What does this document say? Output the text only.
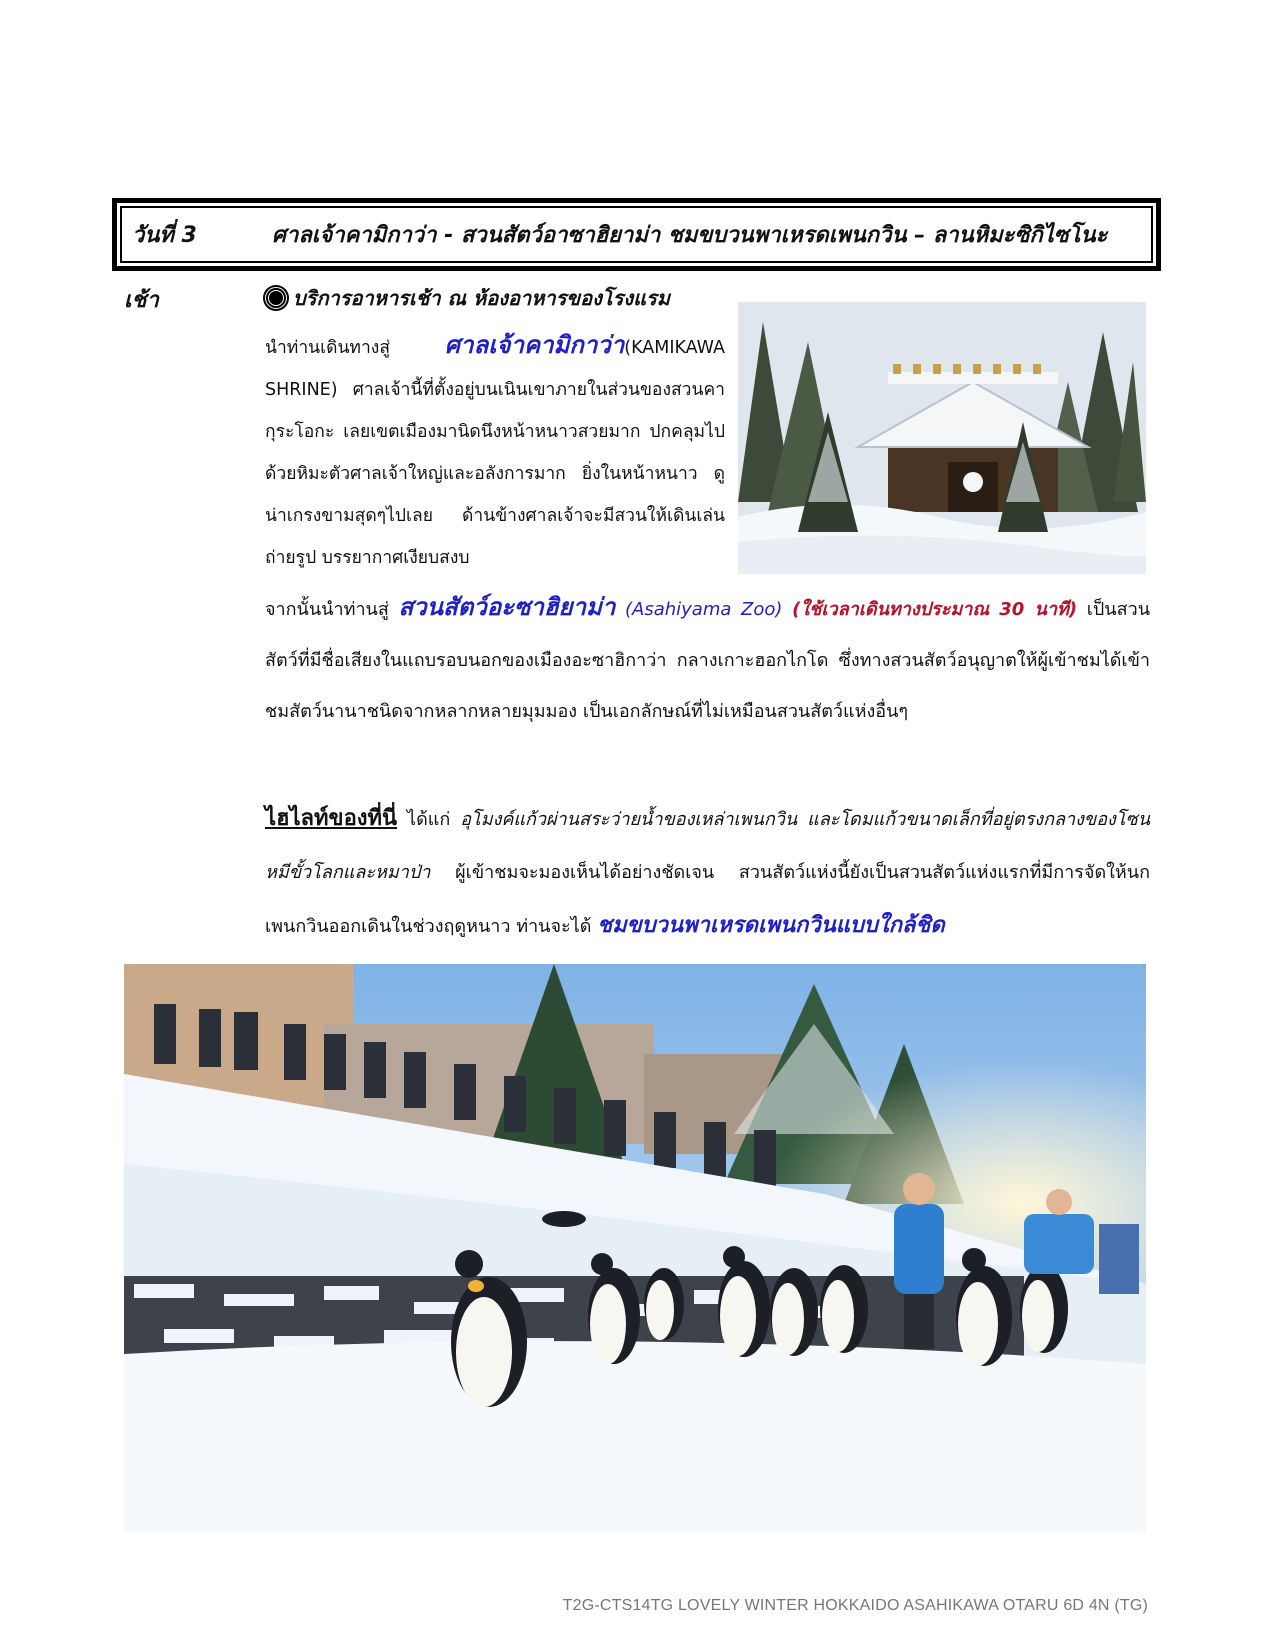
วันที่ 3	ศาลเจ้าคามิกาว่า - สวนสัตว์อาซาฮิยาม่า ชมขบวนพาเหรดเพนกวิน – ลานหิมะซิกิไซโนะ
เช้า	บริการอาหารเช้า ณ ห้องอาหารของโรงแรม
นำท่านเดินทางสู่ ศาลเจ้าคามิกาว่า(KAMIKAWA SHRINE) ศาลเจ้านี้ที่ตั้งอยู่บนเนินเขาภายในส่วนของสวนคากุระโอกะ เลยเขตเมืองมานิดนึงหน้าหนาวสวยมาก ปกคลุมไปด้วยหิมะตัวศาลเจ้าใหญ่และอลังการมาก ยิ่งในหน้าหนาว ดูน่าเกรงขามสุดๆไปเลย ด้านข้างศาลเจ้าจะมีสวนให้เดินเล่นถ่ายรูป บรรยากาศเงียบสงบ
จากนั้นนำท่านสู่ สวนสัตว์อะซาฮิยาม่า (Asahiyama Zoo) (ใช้เวลาเดินทางประมาณ 30 นาที) เป็นสวนสัตว์ที่มีชื่อเสียงในแถบรอบนอกของเมืองอะซาฮิกาว่า กลางเกาะฮอกไกโด ซึ่งทางสวนสัตว์อนุญาตให้ผู้เข้าชมได้เข้าชมสัตว์นานาชนิดจากหลากหลายมุมมอง เป็นเอกลักษณ์ที่ไม่เหมือนสวนสัตว์แห่งอื่นๆ
ไฮไลท์ของที่นี่ ได้แก่ อุโมงค์แก้วผ่านสระว่ายน้ำของเหล่าเพนกวิน และโดมแก้วขนาดเล็กที่อยู่ตรงกลางของโซนหมีขั้วโลกและหมาป่า ผู้เข้าชมจะมองเห็นได้อย่างชัดเจน สวนสัตว์แห่งนี้ยังเป็นสวนสัตว์แห่งแรกที่มีการจัดให้นกเพนกวินออกเดินในช่วงฤดูหนาว ท่านจะได้ ชมขบวนพาเหรดเพนกวินแบบใกล้ชิด
T2G-CTS14TG LOVELY WINTER HOKKAIDO ASAHIKAWA OTARU 6D 4N (TG)
